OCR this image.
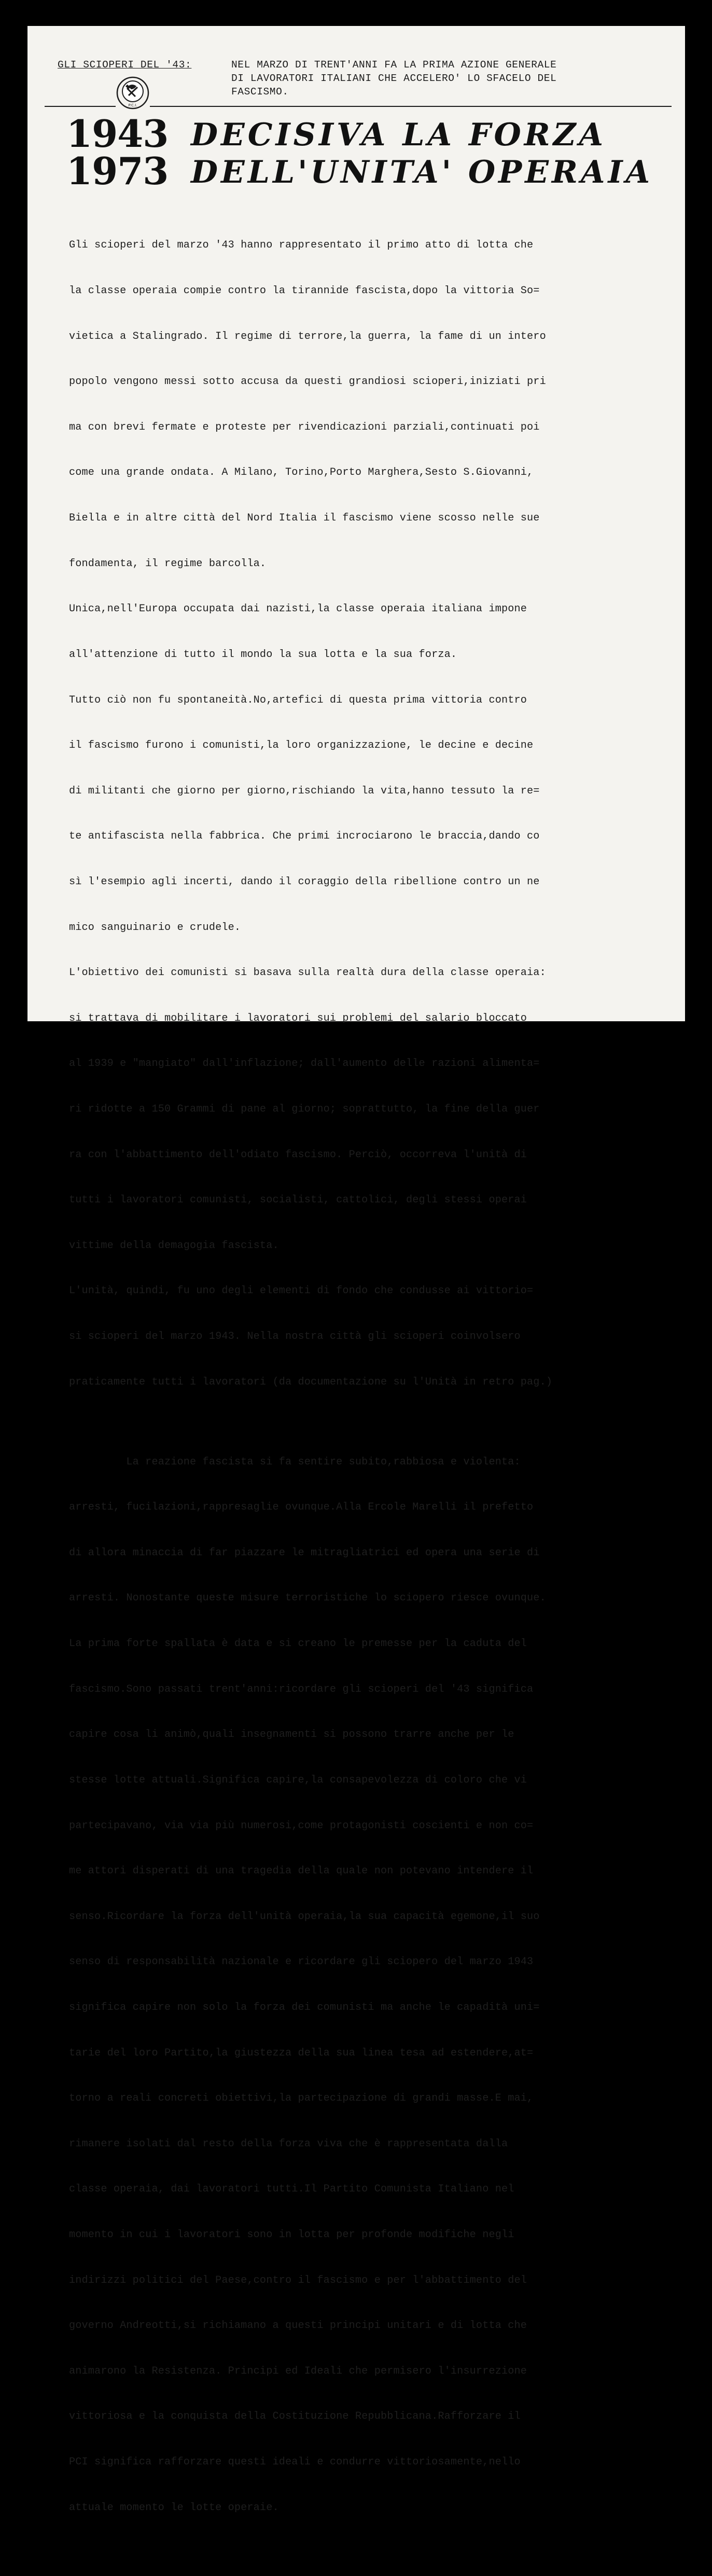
GLI SCIOPERI DEL '43:	NEL MARZO DI TRENT'ANNI FA LA PRIMA AZIONE GENERALE
DI LAVORATORI ITALIANI CHE ACCELERO' LO SFACELO DEL
FASCISMO.
P.C.I.
1943
1973
DECISIVA LA FORZA
DELL'UNITA' OPERAIA

Gli scioperi del marzo '43 hanno rappresentato il primo atto di lotta che

la classe operaia compie contro la tirannide fascista,dopo la vittoria So=

vietica a Stalingrado. Il regime di terrore,la guerra, la fame di un intero

popolo vengono messi sotto accusa da questi grandiosi scioperi,iniziati pri

ma con brevi fermate e proteste per rivendicazioni parziali,continuati poi

come una grande ondata. A Milano, Torino,Porto Marghera,Sesto S.Giovanni,

Biella e in altre città del Nord Italia il fascismo viene scosso nelle sue

fondamenta, il regime barcolla.

Unica,nell'Europa occupata dai nazisti,la classe operaia italiana impone

all'attenzione di tutto il mondo la sua lotta e la sua forza.

Tutto ciò non fu spontaneità.No,artefici di questa prima vittoria contro

il fascismo furono i comunisti,la loro organizzazione, le decine e decine

di militanti che giorno per giorno,rischiando la vita,hanno tessuto la re=

te antifascista nella fabbrica. Che primi incrociarono le braccia,dando co

sì l'esempio agli incerti, dando il coraggio della ribellione contro un ne

mico sanguinario e crudele.

L'obiettivo dei comunisti si basava sulla realtà dura della classe operaia:

si trattava di mobilitare i lavoratori sui problemi del salario bloccato

al 1939 e "mangiato" dall'inflazione; dall'aumento delle razioni alimenta=

ri ridotte a 150 Grammi di pane al giorno; soprattutto, la fine della guer

ra con l'abbattimento dell'odiato fascismo. Perciò, occorreva l'unità di

tutti i lavoratori comunisti, socialisti, cattolici, degli stessi operai

vittime della demagogia fascista.

L'unità, quindi, fu uno degli elementi di fondo che condusse ai vittorio=

si scioperi del marzo 1943. Nella nostra città gli scioperi coinvolsero

praticamente tutti i lavoratori (da documentazione su l'Unità in retro pag.)

La reazione fascista si fa sentire subito,rabbiosa e violenta:

arresti, fucilazioni,rappresaglie ovunque.Alla Ercole Marelli il prefetto

di allora minaccia di far piazzare le mitragliatrici ed opera una serie di

arresti. Nonostante queste misure terroristiche lo sciopero riesce ovunque.

La prima forte spallata è data e si creano le premesse per la caduta del

fascismo.Sono passati trent'anni:ricordare gli scioperi del '43 significa

capire cosa li animò,quali insegnamenti si possono trarre anche per le

stesse lotte attuali.Significa capire,la consapevolezza di coloro che vi

partecipavano, via via più numerosi,come protagonisti coscienti e non co=

me attori disperati di una tragedia della quale non potevano intendere il

senso.Ricordare la forza dell'unità operaia,la sua capacità egemone,il suo

senso di responsabilità nazionale e ricordare gli sciopero del marzo 1943

significa capire non solo la forza dei comunisti ma anche le capadità uni=

tarie del loro Partito,la giustezza della sua linea tesa ad estendere,at=

torno a reali concreti obiettivi,la partecipazione di grandi masse.E mai,

rimanere isolati dal resto della forza viva che è rappresentata dalla

classe operaia, dai lavoratori tutti.Il Partito Comunista Italiano nel

momento in cui i lavoratori sono in lotta per profonde modifiche negli

indirizzi politici del Paese,contro il fascismo e per l'abbattimento del

governo Andreotti,si richiamano a questi principi unitari e di lotta che

animarono la Resistenza. Principi ed Ideali che permisero l'insurrezione

vittoriosa e la conquista della Costituzione Repubblicana.Rafforzare il

PCI significa rafforzare questi ideali e condurre vittoriosamente,nello

attuale momento le lotte operaie.
